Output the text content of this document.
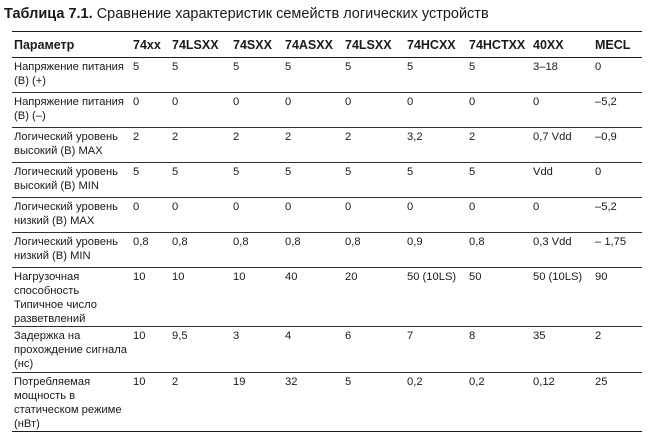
Таблица 7.1. Сравнение характеристик семейств логических устройств
Параметр	74xx	74LSXX	74SXX	74ASXX	74LSXX	74HCXX	74HCTXX	40XX	MECL
Напряжение питания (В) (+)	5	5	5	5	5	5	5	3–18	0
Напряжение питания (В) (–)	0	0	0	0	0	0	0	0	–5,2
Логический уровень высокий (В) MAX	2	2	2	2	2	3,2	2	0,7 Vdd	–0,9
Логический уровень высокий (В) MIN	5	5	5	5	5	5	5	Vdd	0
Логический уровень низкий (В) MAX	0	0	0	0	0	0	0	0	–5,2
Логический уровень низкий (В) MIN	0,8	0,8	0,8	0,8	0,8	0,9	0,8	0,3 Vdd	– 1,75
Нагрузочная способность Типичное число разветвлений	10	10	10	40	20	50 (10LS)	50	50 (10LS)	90
Задержка на прохождение сигнала (нс)	10	9,5	3	4	6	7	8	35	2
Потребляемая мощность в статическом режиме (нВт)	10	2	19	32	5	0,2	0,2	0,12	25
